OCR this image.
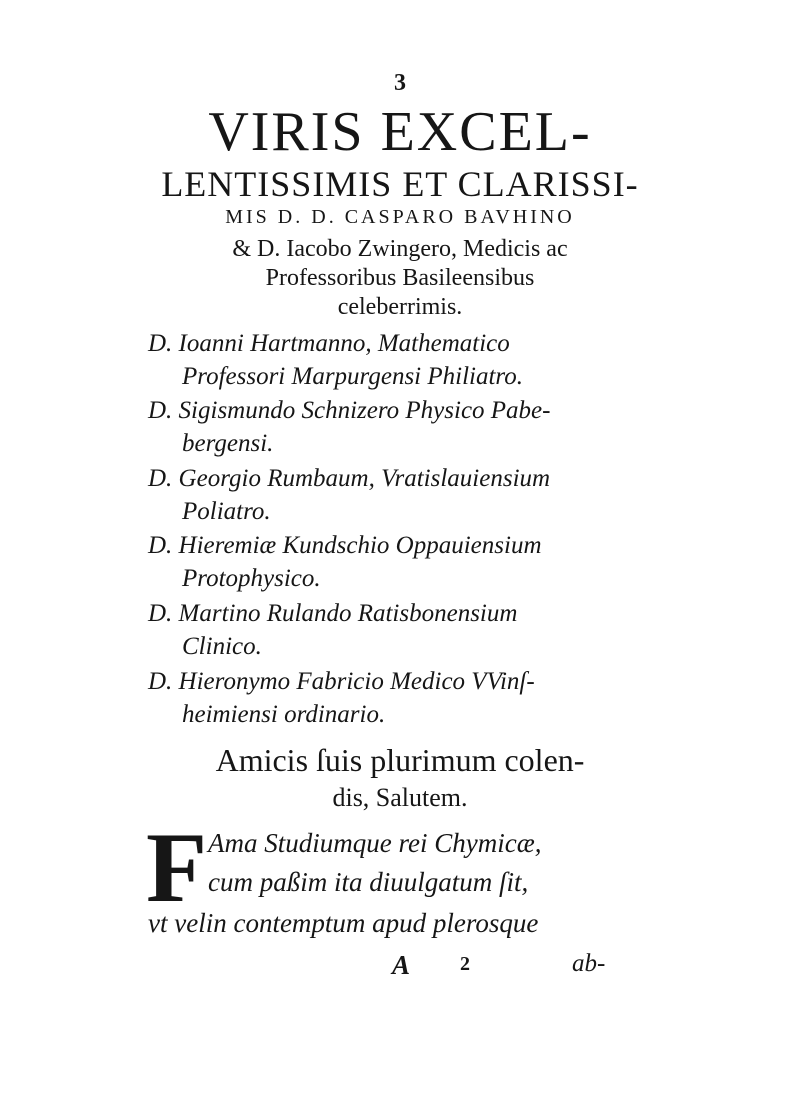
3
VIRIS EXCEL-
LENTISSIMIS ET CLARISSI-
MIS D. D. CASPARO BAVHINO
& D. Iacobo Zwingero, Medicis ac
Professoribus Basileensibus
celeberrimis.
D. Ioanni Hartmanno, Mathematico
Professori Marpurgensi Philiatro.
D. Sigismundo Schnizero Physico Pabe-
bergensi.
D. Georgio Rumbaum, Vratislauiensium
Poliatro.
D. Hieremiæ Kundschio Oppauiensium
Protophysico.
D. Martino Rulando Ratisbonensium
Clinico.
D. Hieronymo Fabricio Medico VVinſ-
heimiensi ordinario.
Amicis ſuis plurimum colen-
dis, Salutem.
F Ama Studiumque rei Chymicæ,
cum paßim ita diuulgatum ſit,
vt velin contemptum apud plerosque
A 2	ab-
